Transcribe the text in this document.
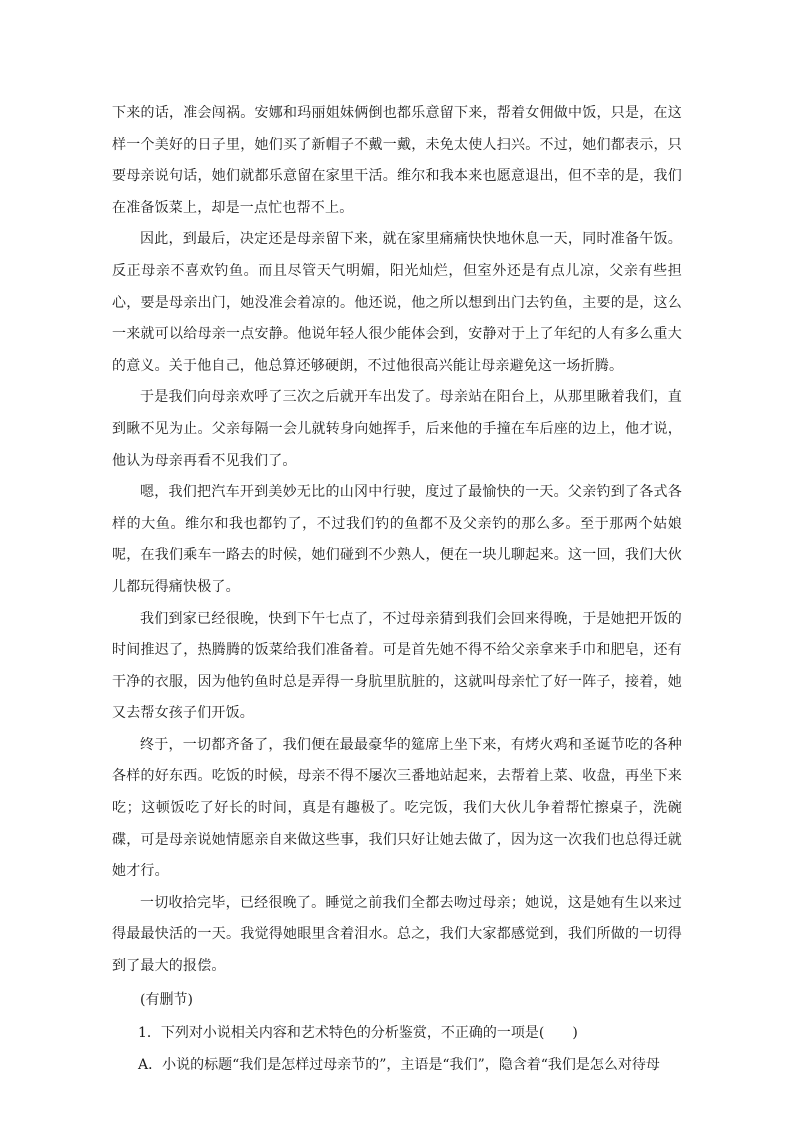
下来的话，准会闯祸。安娜和玛丽姐妹俩倒也都乐意留下来，帮着女佣做中饭，只是，在这样一个美好的日子里，她们买了新帽子不戴一戴，未免太使人扫兴。不过，她们都表示，只要母亲说句话，她们就都乐意留在家里干活。维尔和我本来也愿意退出，但不幸的是，我们在准备饭菜上，却是一点忙也帮不上。

因此，到最后，决定还是母亲留下来，就在家里痛痛快快地休息一天，同时准备午饭。反正母亲不喜欢钓鱼。而且尽管天气明媚，阳光灿烂，但室外还是有点儿凉，父亲有些担心，要是母亲出门，她没准会着凉的。他还说，他之所以想到出门去钓鱼，主要的是，这么一来就可以给母亲一点安静。他说年轻人很少能体会到，安静对于上了年纪的人有多么重大的意义。关于他自己，他总算还够硬朗，不过他很高兴能让母亲避免这一场折腾。

于是我们向母亲欢呼了三次之后就开车出发了。母亲站在阳台上，从那里瞅着我们，直到瞅不见为止。父亲每隔一会儿就转身向她挥手，后来他的手撞在车后座的边上，他才说，他认为母亲再看不见我们了。

嗯，我们把汽车开到美妙无比的山冈中行驶，度过了最愉快的一天。父亲钓到了各式各样的大鱼。维尔和我也都钓了，不过我们钓的鱼都不及父亲钓的那么多。至于那两个姑娘呢，在我们乘车一路去的时候，她们碰到不少熟人，便在一块儿聊起来。这一回，我们大伙儿都玩得痛快极了。

我们到家已经很晚，快到下午七点了，不过母亲猜到我们会回来得晚，于是她把开饭的时间推迟了，热腾腾的饭菜给我们准备着。可是首先她不得不给父亲拿来手巾和肥皂，还有干净的衣服，因为他钓鱼时总是弄得一身肮里肮脏的，这就叫母亲忙了好一阵子，接着，她又去帮女孩子们开饭。

终于，一切都齐备了，我们便在最最豪华的筵席上坐下来，有烤火鸡和圣诞节吃的各种各样的好东西。吃饭的时候，母亲不得不屡次三番地站起来，去帮着上菜、收盘，再坐下来吃；这顿饭吃了好长的时间，真是有趣极了。吃完饭，我们大伙儿争着帮忙擦桌子，洗碗碟，可是母亲说她情愿亲自来做这些事，我们只好让她去做了，因为这一次我们也总得迁就她才行。

一切收拾完毕，已经很晚了。睡觉之前我们全都去吻过母亲；她说，这是她有生以来过得最最快活的一天。我觉得她眼里含着泪水。总之，我们大家都感觉到，我们所做的一切得到了最大的报偿。

(有删节)

1．下列对小说相关内容和艺术特色的分析鉴赏，不正确的一项是(　　)

A．小说的标题“我们是怎样过母亲节的”，主语是“我们”，隐含着“我们是怎么对待母
